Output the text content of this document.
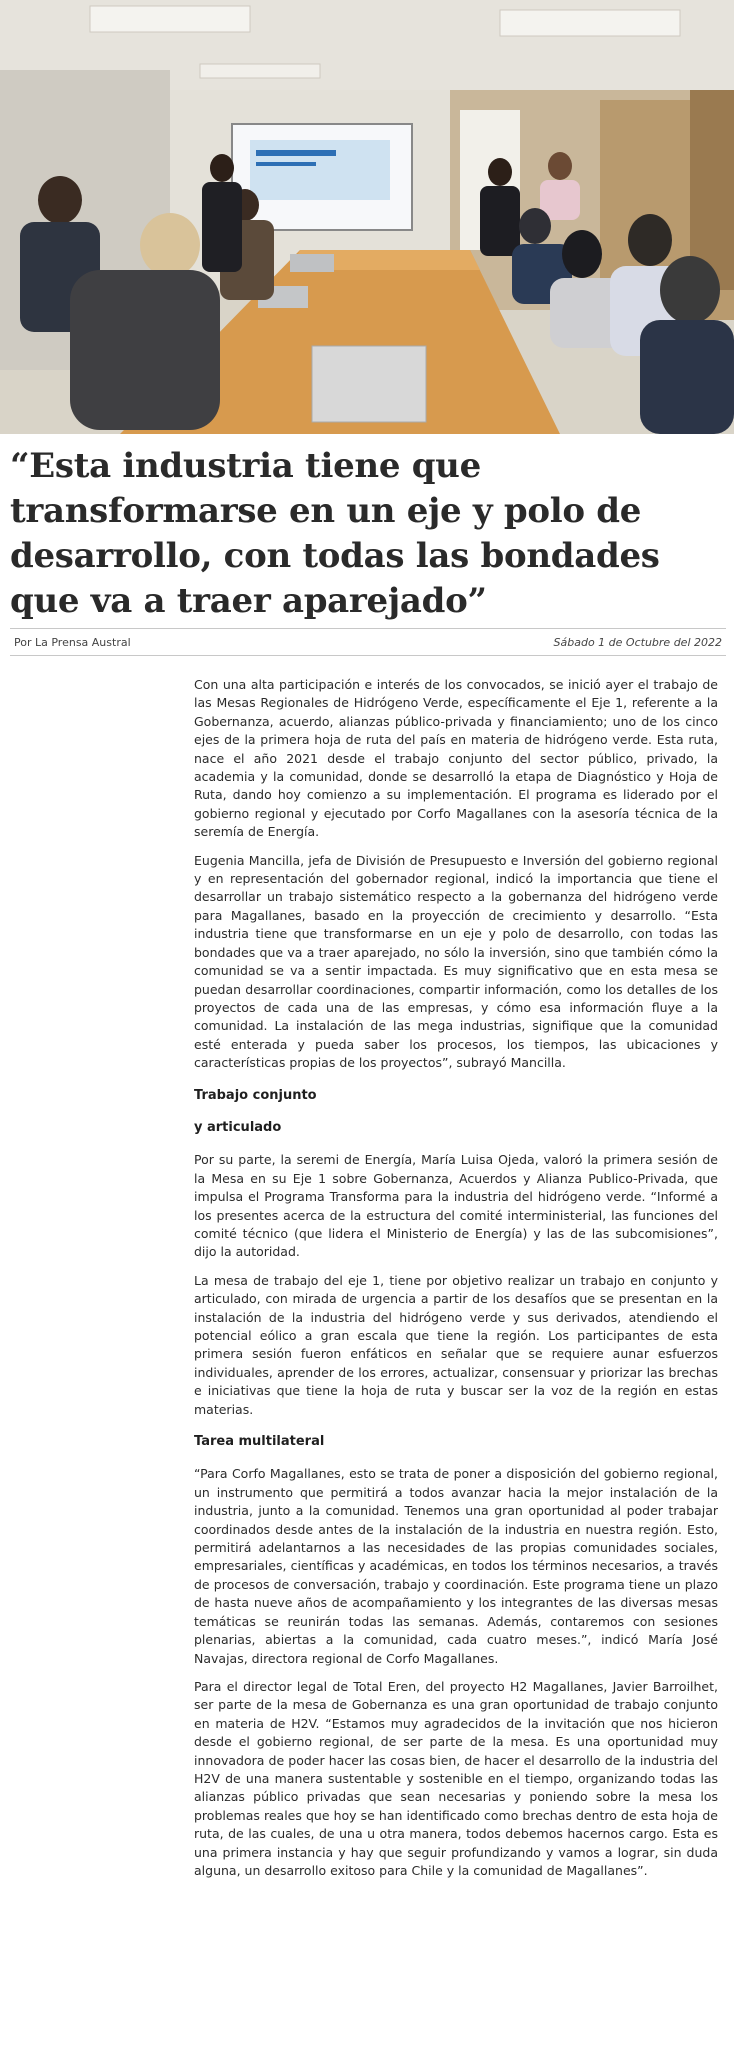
“Esta industria tiene que transformarse en un eje y polo de desarrollo, con todas las bondades que va a traer aparejado”
Por La Prensa Austral	Sábado 1 de Octubre del 2022

Con una alta participación e interés de los convocados, se inició ayer el trabajo de las Mesas Regionales de Hidrógeno Verde, específicamente el Eje 1, referente a la Gobernanza, acuerdo, alianzas público-privada y financiamiento; uno de los cinco ejes de la primera hoja de ruta del país en materia de hidrógeno verde. Esta ruta, nace el año 2021 desde el trabajo conjunto del sector público, privado, la academia y la comunidad, donde se desarrolló la etapa de Diagnóstico y Hoja de Ruta, dando hoy comienzo a su implementación. El programa es liderado por el gobierno regional y ejecutado por Corfo Magallanes con la asesoría técnica de la seremía de Energía.

Eugenia Mancilla, jefa de División de Presupuesto e Inversión del gobierno regional y en representación del gobernador regional, indicó la importancia que tiene el desarrollar un trabajo sistemático respecto a la gobernanza del hidrógeno verde para Magallanes, basado en la proyección de crecimiento y desarrollo. “Esta industria tiene que transformarse en un eje y polo de desarrollo, con todas las bondades que va a traer aparejado, no sólo la inversión, sino que también cómo la comunidad se va a sentir impactada. Es muy significativo que en esta mesa se puedan desarrollar coordinaciones, compartir información, como los detalles de los proyectos de cada una de las empresas, y cómo esa información fluye a la comunidad. La instalación de las mega industrias, signifique que la comunidad esté enterada y pueda saber los procesos, los tiempos, las ubicaciones y características propias de los proyectos”, subrayó Mancilla.

Trabajo conjunto
y articulado

Por su parte, la seremi de Energía, María Luisa Ojeda, valoró la primera sesión de la Mesa en su Eje 1 sobre Gobernanza, Acuerdos y Alianza Publico-Privada, que impulsa el Programa Transforma para la industria del hidrógeno verde. “Informé a los presentes acerca de la estructura del comité interministerial, las funciones del comité técnico (que lidera el Ministerio de Energía) y las de las subcomisiones”, dijo la autoridad.

La mesa de trabajo del eje 1, tiene por objetivo realizar un trabajo en conjunto y articulado, con mirada de urgencia a partir de los desafíos que se presentan en la instalación de la industria del hidrógeno verde y sus derivados, atendiendo el potencial eólico a gran escala que tiene la región. Los participantes de esta primera sesión fueron enfáticos en señalar que se requiere aunar esfuerzos individuales, aprender de los errores, actualizar, consensuar y priorizar las brechas e iniciativas que tiene la hoja de ruta y buscar ser la voz de la región en estas materias.

Tarea multilateral

“Para Corfo Magallanes, esto se trata de poner a disposición del gobierno regional, un instrumento que permitirá a todos avanzar hacia la mejor instalación de la industria, junto a la comunidad. Tenemos una gran oportunidad al poder trabajar coordinados desde antes de la instalación de la industria en nuestra región. Esto, permitirá adelantarnos a las necesidades de las propias comunidades sociales, empresariales, científicas y académicas, en todos los términos necesarios, a través de procesos de conversación, trabajo y coordinación. Este programa tiene un plazo de hasta nueve años de acompañamiento y los integrantes de las diversas mesas temáticas se reunirán todas las semanas. Además, contaremos con sesiones plenarias, abiertas a la comunidad, cada cuatro meses.”, indicó María José Navajas, directora regional de Corfo Magallanes.

Para el director legal de Total Eren, del proyecto H2 Magallanes, Javier Barroilhet, ser parte de la mesa de Gobernanza es una gran oportunidad de trabajo conjunto en materia de H2V. “Estamos muy agradecidos de la invitación que nos hicieron desde el gobierno regional, de ser parte de la mesa. Es una oportunidad muy innovadora de poder hacer las cosas bien, de hacer el desarrollo de la industria del H2V de una manera sustentable y sostenible en el tiempo, organizando todas las alianzas público privadas que sean necesarias y poniendo sobre la mesa los problemas reales que hoy se han identificado como brechas dentro de esta hoja de ruta, de las cuales, de una u otra manera, todos debemos hacernos cargo. Esta es una primera instancia y hay que seguir profundizando y vamos a lograr, sin duda alguna, un desarrollo exitoso para Chile y la comunidad de Magallanes”.
